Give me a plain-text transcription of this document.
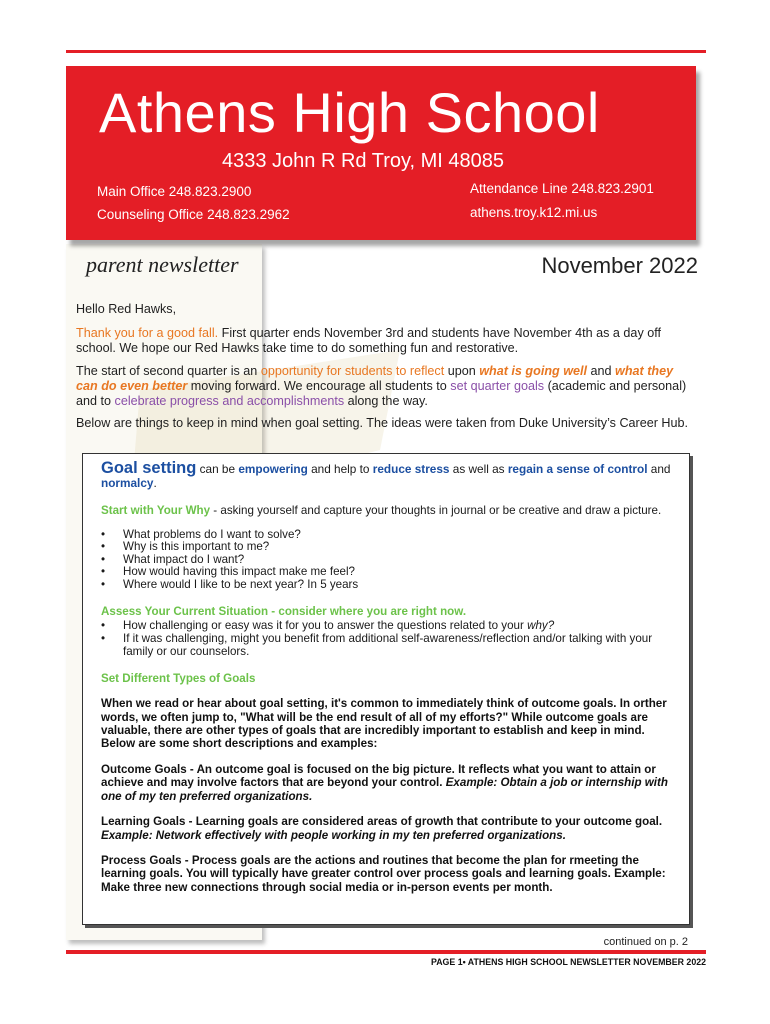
Athens High School
4333 John R Rd Troy, MI 48085
Main Office 248.823.2900
Counseling Office 248.823.2962
Attendance Line 248.823.2901
athens.troy.k12.mi.us
parent newsletter	November 2022

Hello Red Hawks,

Thank you for a good fall. First quarter ends November 3rd and students have November 4th as a day off school. We hope our Red Hawks take time to do something fun and restorative.

The start of second quarter is an opportunity for students to reflect upon what is going well and what they can do even better moving forward. We encourage all students to set quarter goals (academic and personal) and to celebrate progress and accomplishments along the way.

Below are things to keep in mind when goal setting. The ideas were taken from Duke University’s Career Hub.

Goal setting can be empowering and help to reduce stress as well as regain a sense of control and normalcy.

Start with Your Why - asking yourself and capture your thoughts in journal or be creative and draw a picture.

• What problems do I want to solve?
• Why is this important to me?
• What impact do I want?
• How would having this impact make me feel?
• Where would I like to be next year? In 5 years

Assess Your Current Situation - consider where you are right now.

• How challenging or easy was it for you to answer the questions related to your why?
• If it was challenging, might you benefit from additional self-awareness/reflection and/or talking with your family or our counselors.

Set Different Types of Goals

When we read or hear about goal setting, it's common to immediately think of outcome goals. In orther words, we often jump to, "What will be the end result of all of my efforts?" While outcome goals are valuable, there are other types of goals that are incredibly important to establish and keep in mind. Below are some short descriptions and examples:

Outcome Goals - An outcome goal is focused on the big picture. It reflects what you want to attain or achieve and may involve factors that are beyond your control. Example: Obtain a job or internship with one of my ten preferred organizations.

Learning Goals - Learning goals are considered areas of growth that contribute to your outcome goal. Example: Network effectively with people working in my ten preferred organizations.

Process Goals - Process goals are the actions and routines that become the plan for rmeeting the learning goals. You will typically have greater control over process goals and learning goals. Example: Make three new connections through social media or in-person events per month.

continued on p. 2
PAGE 1• ATHENS HIGH SCHOOL NEWSLETTER NOVEMBER 2022
